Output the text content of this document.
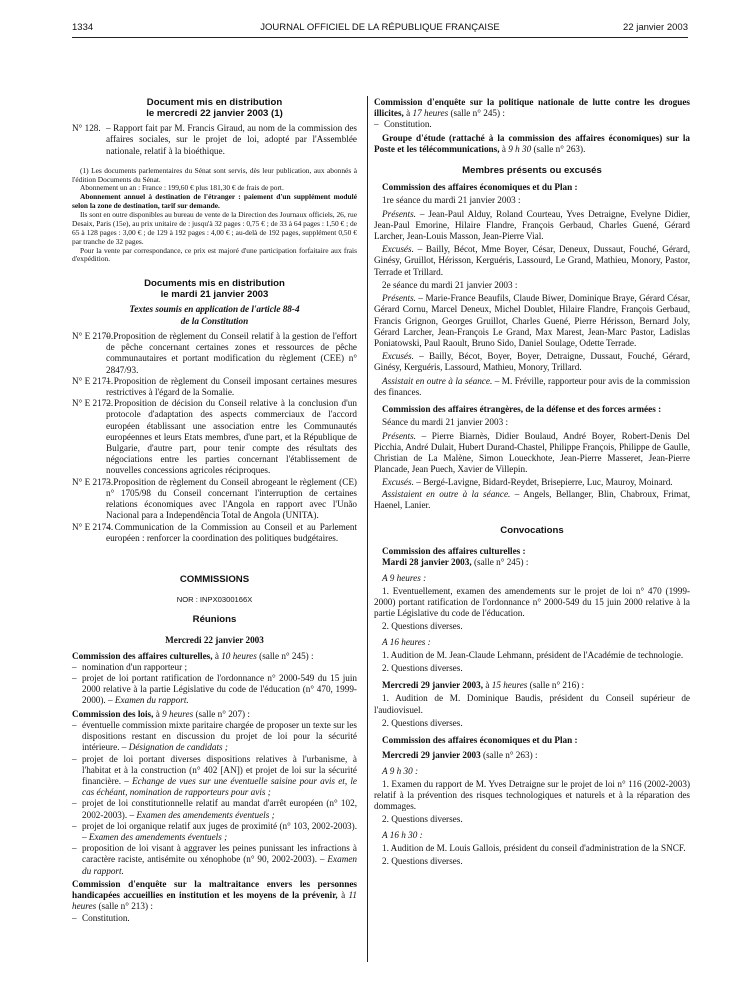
1334	JOURNAL OFFICIEL DE LA RÉPUBLIQUE FRANÇAISE	22 janvier 2003

Document mis en distribution

le mercredi 22 janvier 2003 (1)

N° 128. – Rapport fait par M. Francis Giraud, au nom de la commission des affaires sociales, sur le projet de loi, adopté par l'Assemblée nationale, relatif à la bioéthique.

(1) Les documents parlementaires du Sénat sont servis, dès leur publication, aux abonnés à l'édition Documents du Sénat.

Abonnement un an : France : 199,60 € plus 181,30 € de frais de port.

Abonnement annuel à destination de l'étranger : paiement d'un supplément modulé selon la zone de destination, tarif sur demande.

Ils sont en outre disponibles au bureau de vente de la Direction des Journaux officiels, 26, rue Desaix, Paris (15e), au prix unitaire de : jusqu'à 32 pages : 0,75 € ; de 33 à 64 pages : 1,50 € ; de 65 à 128 pages : 3,00 € ; de 129 à 192 pages : 4,00 € ; au-delà de 192 pages, supplément 0,50 € par tranche de 32 pages.

Pour la vente par correspondance, ce prix est majoré d'une participation forfaitaire aux frais d'expédition.

Documents mis en distribution

le mardi 21 janvier 2003

Textes soumis en application de l'article 88-4

de la Constitution

N° E 2170.
– Proposition de règlement du Conseil relatif à la gestion de l'effort de pêche concernant certaines zones et ressources de pêche communautaires et portant modification du règlement (CEE) n° 2847/93.
N° E 2171.
– Proposition de règlement du Conseil imposant certaines mesures restrictives à l'égard de la Somalie.
N° E 2172.
– Proposition de décision du Conseil relative à la conclusion d'un protocole d'adaptation des aspects commerciaux de l'accord européen établissant une association entre les Communautés européennes et leurs Etats membres, d'une part, et la République de Bulgarie, d'autre part, pour tenir compte des résultats des négociations entre les parties concernant l'établissement de nouvelles concessions agricoles réciproques.
N° E 2173.
– Proposition de règlement du Conseil abrogeant le règlement (CE) n° 1705/98 du Conseil concernant l'interruption de certaines relations économiques avec l'Angola en rapport avec l'Unão Nacional para a Independência Total de Angola (UNITA).
N° E 2174.
– Communication de la Commission au Conseil et au Parlement européen : renforcer la coordination des politiques budgétaires.

COMMISSIONS

NOR : INPX0300166X

Réunions

Mercredi 22 janvier 2003

Commission des affaires culturelles, à 10 heures (salle n° 245) :

– nomination d'un rapporteur ;

– projet de loi portant ratification de l'ordonnance n° 2000-549 du 15 juin 2000 relative à la partie Législative du code de l'éducation (n° 470, 1999-2000). – Examen du rapport.

Commission des lois, à 9 heures (salle n° 207) :

– éventuelle commission mixte paritaire chargée de proposer un texte sur les dispositions restant en discussion du projet de loi pour la sécurité intérieure. – Désignation de candidats ;

– projet de loi portant diverses dispositions relatives à l'urbanisme, à l'habitat et à la construction (n° 402 [AN]) et projet de loi sur la sécurité financière. – Echange de vues sur une éventuelle saisine pour avis et, le cas échéant, nomination de rapporteurs pour avis ;

– projet de loi constitutionnelle relatif au mandat d'arrêt européen (n° 102, 2002-2003). – Examen des amendements éventuels ;

– projet de loi organique relatif aux juges de proximité (n° 103, 2002-2003). – Examen des amendements éventuels ;

– proposition de loi visant à aggraver les peines punissant les infractions à caractère raciste, antisémite ou xénophobe (n° 90, 2002-2003). – Examen du rapport.

Commission d'enquête sur la maltraitance envers les personnes handicapées accueillies en institution et les moyens de la prévenir, à 11 heures (salle n° 213) :

– Constitution.

Commission d'enquête sur la politique nationale de lutte contre les drogues illicites, à 17 heures (salle n° 245) :

– Constitution.

Groupe d'étude (rattaché à la commission des affaires économiques) sur la Poste et les télécommunications, à 9 h 30 (salle n° 263).

Membres présents ou excusés

Commission des affaires économiques et du Plan :

1re séance du mardi 21 janvier 2003 :

Présents. – Jean-Paul Alduy, Roland Courteau, Yves Detraigne, Evelyne Didier, Jean-Paul Emorine, Hilaire Flandre, François Gerbaud, Charles Guené, Gérard Larcher, Jean-Louis Masson, Jean-Pierre Vial.

Excusés. – Bailly, Bécot, Mme Boyer, César, Deneux, Dussaut, Fouché, Gérard, Ginésy, Gruillot, Hérisson, Kerguéris, Lassourd, Le Grand, Mathieu, Monory, Pastor, Terrade et Trillard.

2e séance du mardi 21 janvier 2003 :

Présents. – Marie-France Beaufils, Claude Biwer, Dominique Braye, Gérard César, Gérard Cornu, Marcel Deneux, Michel Doublet, Hilaire Flandre, François Gerbaud, Francis Grignon, Georges Gruillot, Charles Guené, Pierre Hérisson, Bernard Joly, Gérard Larcher, Jean-François Le Grand, Max Marest, Jean-Marc Pastor, Ladislas Poniatowski, Paul Raoult, Bruno Sido, Daniel Soulage, Odette Terrade.

Excusés. – Bailly, Bécot, Boyer, Boyer, Detraigne, Dussaut, Fouché, Gérard, Ginésy, Kerguéris, Lassourd, Mathieu, Monory, Trillard.

Assistait en outre à la séance. – M. Fréville, rapporteur pour avis de la commission des finances.

Commission des affaires étrangères, de la défense et des forces armées :

Séance du mardi 21 janvier 2003 :

Présents. – Pierre Biarnès, Didier Boulaud, André Boyer, Robert-Denis Del Picchia, André Dulait, Hubert Durand-Chastel, Philippe François, Philippe de Gaulle, Christian de La Malène, Simon Loueckhote, Jean-Pierre Masseret, Jean-Pierre Plancade, Jean Puech, Xavier de Villepin.

Excusés. – Bergé-Lavigne, Bidard-Reydet, Brisepierre, Luc, Mauroy, Moinard.

Assistaient en outre à la séance. – Angels, Bellanger, Blin, Chabroux, Frimat, Haenel, Lanier.

Convocations

Commission des affaires culturelles :

Mardi 28 janvier 2003, (salle n° 245) :

A 9 heures :

1. Eventuellement, examen des amendements sur le projet de loi n° 470 (1999-2000) portant ratification de l'ordonnance n° 2000-549 du 15 juin 2000 relative à la partie Législative du code de l'éducation.

2. Questions diverses.

A 16 heures :

1. Audition de M. Jean-Claude Lehmann, président de l'Académie de technologie.

2. Questions diverses.

Mercredi 29 janvier 2003, à 15 heures (salle n° 216) :

1. Audition de M. Dominique Baudis, président du Conseil supérieur de l'audiovisuel.

2. Questions diverses.

Commission des affaires économiques et du Plan :

Mercredi 29 janvier 2003 (salle n° 263) :

A 9 h 30 :

1. Examen du rapport de M. Yves Detraigne sur le projet de loi n° 116 (2002-2003) relatif à la prévention des risques technologiques et naturels et à la réparation des dommages.

2. Questions diverses.

A 16 h 30 :

1. Audition de M. Louis Gallois, président du conseil d'administration de la SNCF.

2. Questions diverses.
